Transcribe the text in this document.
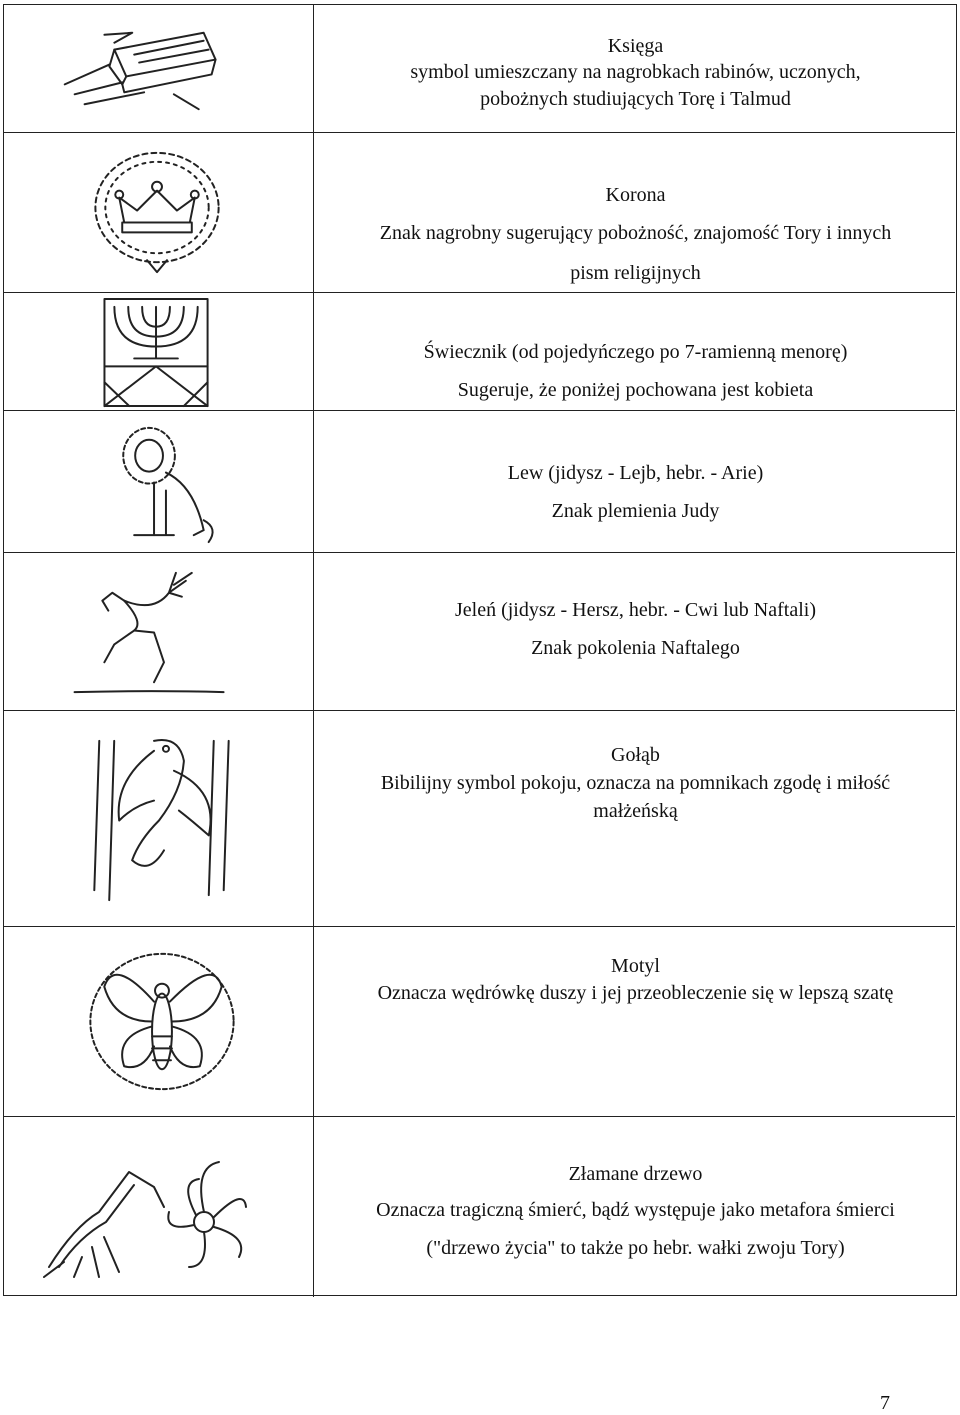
Księga
symbol umieszczany na nagrobkach rabinów, uczonych,
pobożnych studiujących Torę i Talmud
Korona
Znak nagrobny sugerujący pobożność, znajomość Tory i innych
pism religijnych
Świecznik (od pojedyńczego po 7-ramienną menorę)
Sugeruje, że poniżej pochowana jest kobieta
Lew (jidysz - Lejb, hebr. - Arie)
Znak plemienia Judy
Jeleń (jidysz - Hersz, hebr. - Cwi lub Naftali)
Znak pokolenia Naftalego
Gołąb
Bibilijny symbol pokoju, oznacza na pomnikach zgodę i miłość
małżeńską
Motyl
Oznacza wędrówkę duszy i jej przeobleczenie się w lepszą szatę
Złamane drzewo
Oznacza tragiczną śmierć, bądź występuje jako metafora śmierci
("drzewo życia" to także po hebr. wałki zwoju Tory)
7
